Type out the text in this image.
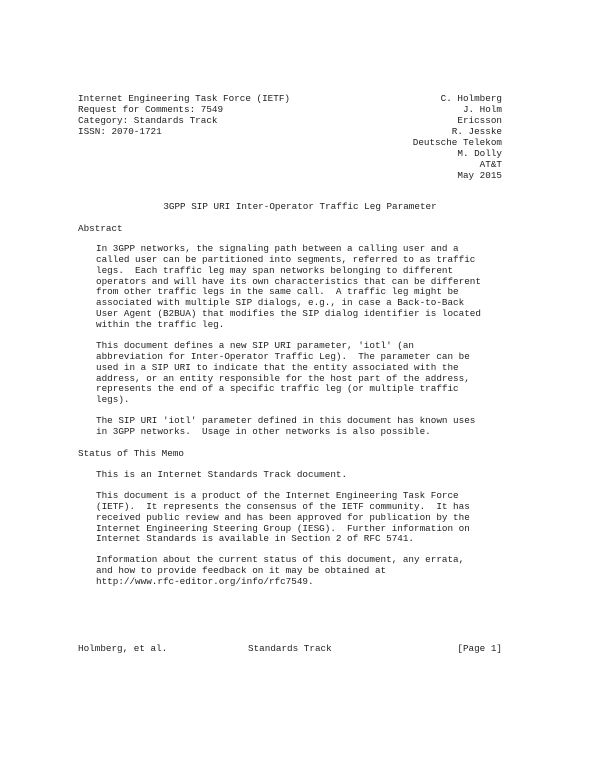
Internet Engineering Task Force (IETF)
Request for Comments: 7549
Category: Standards Track
ISSN: 2070-1721
C. Holmberg
J. Holm
Ericsson
R. Jesske
Deutsche Telekom
M. Dolly
AT&T
May 2015
3GPP SIP URI Inter-Operator Traffic Leg Parameter
Abstract
In 3GPP networks, the signaling path between a calling user and a
called user can be partitioned into segments, referred to as traffic
legs.  Each traffic leg may span networks belonging to different
operators and will have its own characteristics that can be different
from other traffic legs in the same call.  A traffic leg might be
associated with multiple SIP dialogs, e.g., in case a Back-to-Back
User Agent (B2BUA) that modifies the SIP dialog identifier is located
within the traffic leg.
This document defines a new SIP URI parameter, 'iotl' (an
abbreviation for Inter-Operator Traffic Leg).  The parameter can be
used in a SIP URI to indicate that the entity associated with the
address, or an entity responsible for the host part of the address,
represents the end of a specific traffic leg (or multiple traffic
legs).
The SIP URI 'iotl' parameter defined in this document has known uses
in 3GPP networks.  Usage in other networks is also possible.
Status of This Memo
This is an Internet Standards Track document.
This document is a product of the Internet Engineering Task Force
(IETF).  It represents the consensus of the IETF community.  It has
received public review and has been approved for publication by the
Internet Engineering Steering Group (IESG).  Further information on
Internet Standards is available in Section 2 of RFC 5741.
Information about the current status of this document, any errata,
and how to provide feedback on it may be obtained at
http://www.rfc-editor.org/info/rfc7549.
Holmberg, et al.	Standards Track	[Page 1]
